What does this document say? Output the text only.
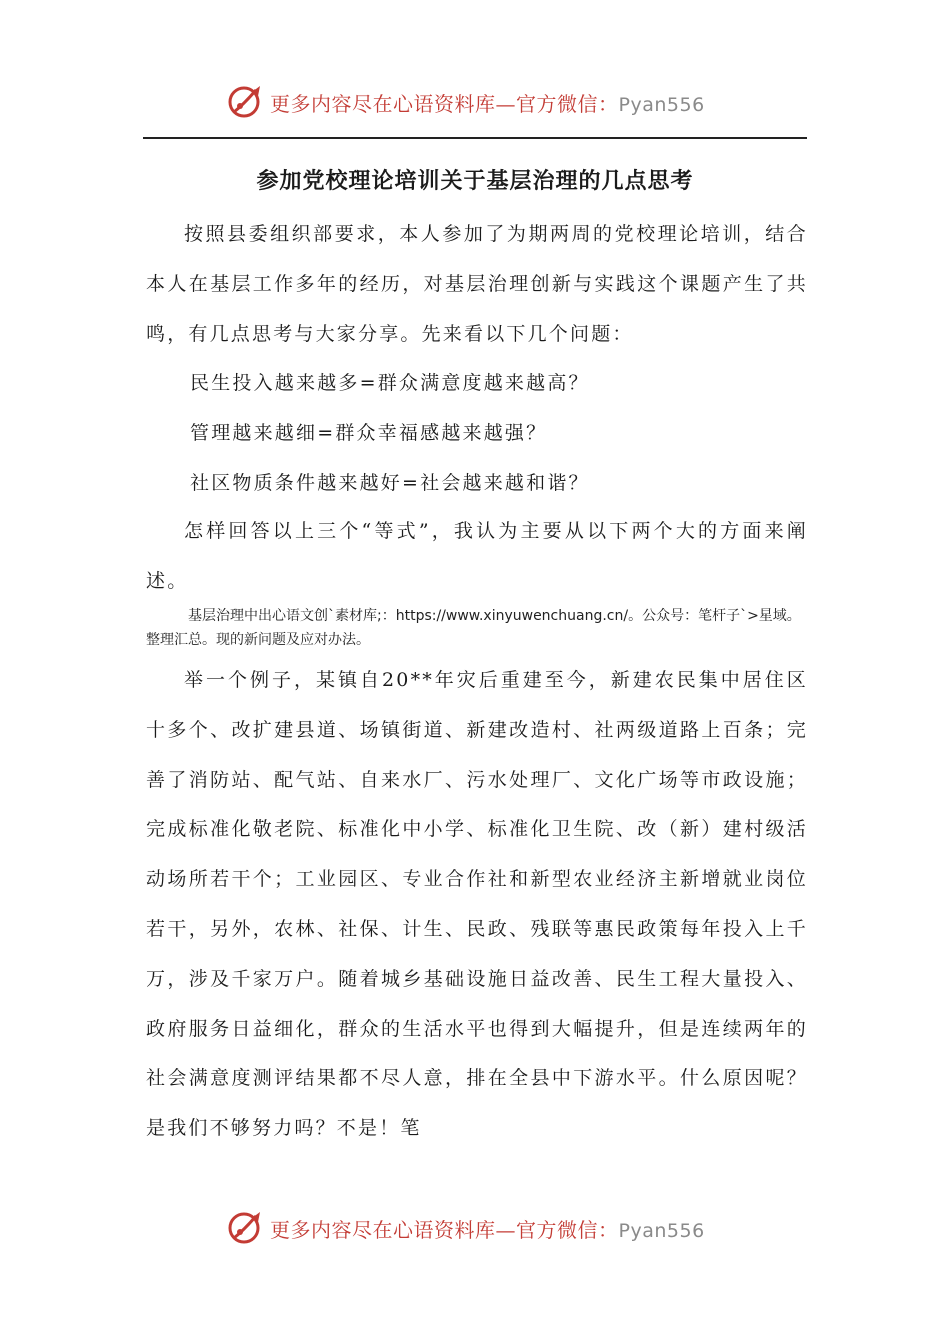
更多内容尽在心语资料库—官方微信：Pyan556
参加党校理论培训关于基层治理的几点思考

按照县委组织部要求，本人参加了为期两周的党校理论培训，结合本人在基层工作多年的经历，对基层治理创新与实践这个课题产生了共鸣，有几点思考与大家分享。先来看以下几个问题：

民生投入越来越多=群众满意度越来越高？

管理越来越细=群众幸福感越来越强？

社区物质条件越来越好=社会越来越和谐？

怎样回答以上三个“等式”，我认为主要从以下两个大的方面来阐述。

基层治理中出心语文创`素材库;：https://www.xinyuwenchuang.cn/。公众号：笔杆子`>星域。整理汇总。现的新问题及应对办法。

举一个例子，某镇自20**年灾后重建至今，新建农民集中居住区十多个、改扩建县道、场镇街道、新建改造村、社两级道路上百条；完善了消防站、配气站、自来水厂、污水处理厂、文化广场等市政设施；完成标准化敬老院、标准化中小学、标准化卫生院、改（新）建村级活动场所若干个；工业园区、专业合作社和新型农业经济主新增就业岗位若干，另外，农林、社保、计生、民政、残联等惠民政策每年投入上千万，涉及千家万户。随着城乡基础设施日益改善、民生工程大量投入、政府服务日益细化，群众的生活水平也得到大幅提升，但是连续两年的社会满意度测评结果都不尽人意，排在全县中下游水平。什么原因呢？是我们不够努力吗？不是！笔

更多内容尽在心语资料库—官方微信：Pyan556
